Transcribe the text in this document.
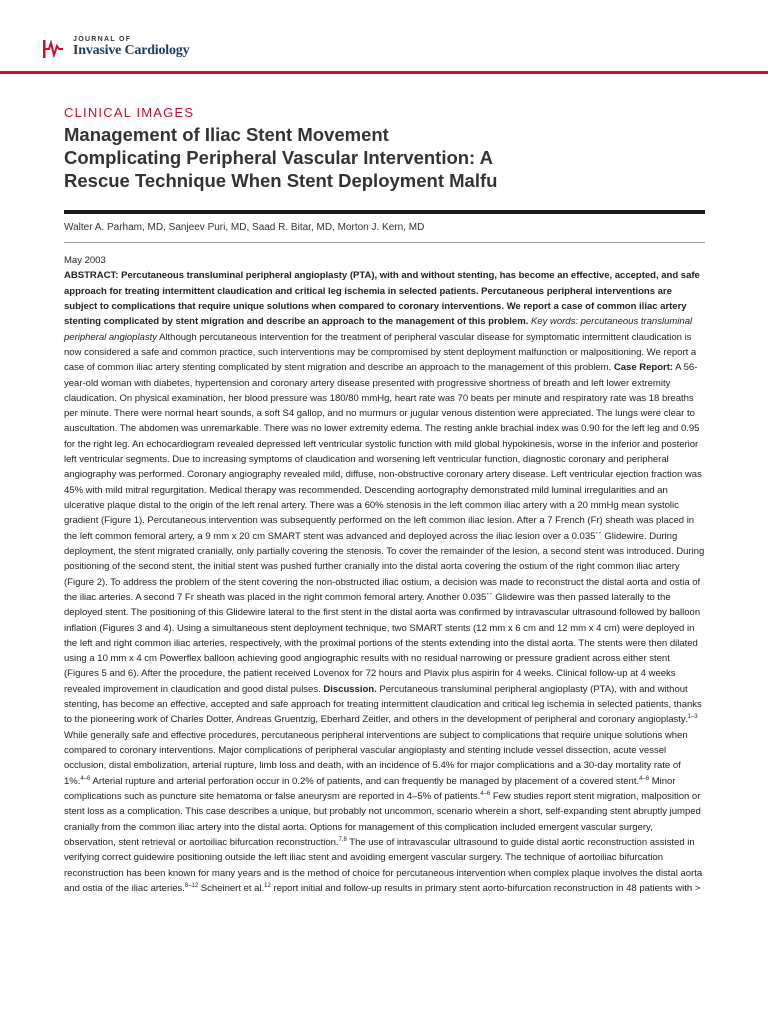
JOURNAL OF
Invasive Cardiology
CLINICAL IMAGES
Management of Iliac Stent Movement
Complicating Peripheral Vascular Intervention: A
Rescue Technique When Stent Deployment Malfu
Walter A. Parham, MD, Sanjeev Puri, MD, Saad R. Bitar, MD, Morton J. Kern, MD

May 2003

ABSTRACT: Percutaneous transluminal peripheral angioplasty (PTA), with and without stenting, has become an effective, accepted, and safe approach for treating intermittent claudication and critical leg ischemia in selected patients. Percutaneous peripheral interventions are subject to complications that require unique solutions when compared to coronary interventions. We report a case of common iliac artery stenting complicated by stent migration and describe an approach to the management of this problem. Key words: percutaneous transluminal peripheral angioplasty Although percutaneous intervention for the treatment of peripheral vascular disease for symptomatic intermittent claudication is now considered a safe and common practice, such interventions may be compromised by stent deployment malfunction or malpositioning. We report a case of common iliac artery stenting complicated by stent migration and describe an approach to the management of this problem. Case Report: A 56-year-old woman with diabetes, hypertension and coronary artery disease presented with progressive shortness of breath and left lower extremity claudication. On physical examination, her blood pressure was 180/80 mmHg, heart rate was 70 beats per minute and respiratory rate was 18 breaths per minute. There were normal heart sounds, a soft S4 gallop, and no murmurs or jugular venous distention were appreciated. The lungs were clear to auscultation. The abdomen was unremarkable. There was no lower extremity edema. The resting ankle brachial index was 0.90 for the left leg and 0.95 for the right leg. An echocardiogram revealed depressed left ventricular systolic function with mild global hypokinesis, worse in the inferior and posterior left ventricular segments. Due to increasing symptoms of claudication and worsening left ventricular function, diagnostic coronary and peripheral angiography was performed. Coronary angiography revealed mild, diffuse, non-obstructive coronary artery disease. Left ventricular ejection fraction was 45% with mild mitral regurgitation. Medical therapy was recommended. Descending aortography demonstrated mild luminal irregularities and an ulcerative plaque distal to the origin of the left renal artery. There was a 60% stenosis in the left common iliac artery with a 20 mmHg mean systolic gradient (Figure 1). Percutaneous intervention was subsequently performed on the left common iliac lesion. After a 7 French (Fr) sheath was placed in the left common femoral artery, a 9 mm x 20 cm SMART stent was advanced and deployed across the iliac lesion over a 0.035´´ Glidewire. During deployment, the stent migrated cranially, only partially covering the stenosis. To cover the remainder of the lesion, a second stent was introduced. During positioning of the second stent, the initial stent was pushed further cranially into the distal aorta covering the ostium of the right common iliac artery (Figure 2). To address the problem of the stent covering the non-obstructed iliac ostium, a decision was made to reconstruct the distal aorta and ostia of the iliac arteries. A second 7 Fr sheath was placed in the right common femoral artery. Another 0.035´´ Glidewire was then passed laterally to the deployed stent. The positioning of this Glidewire lateral to the first stent in the distal aorta was confirmed by intravascular ultrasound followed by balloon inflation (Figures 3 and 4). Using a simultaneous stent deployment technique, two SMART stents (12 mm x 6 cm and 12 mm x 4 cm) were deployed in the left and right common iliac arteries, respectively, with the proximal portions of the stents extending into the distal aorta. The stents were then dilated using a 10 mm x 4 cm Powerflex balloon achieving good angiographic results with no residual narrowing or pressure gradient across either stent (Figures 5 and 6). After the procedure, the patient received Lovenox for 72 hours and Plavix plus aspirin for 4 weeks. Clinical follow-up at 4 weeks revealed improvement in claudication and good distal pulses. Discussion. Percutaneous transluminal peripheral angioplasty (PTA), with and without stenting, has become an effective, accepted and safe approach for treating intermittent claudication and critical leg ischemia in selected patients, thanks to the pioneering work of Charles Dotter, Andreas Gruentzig, Eberhard Zeitler, and others in the development of peripheral and coronary angioplasty.$^{1-3}$ While generally safe and effective procedures, percutaneous peripheral interventions are subject to complications that require unique solutions when compared to coronary interventions. Major complications of peripheral vascular angioplasty and stenting include vessel dissection, acute vessel occlusion, distal embolization, arterial rupture, limb loss and death, with an incidence of 5.4% for major complications and a 30-day mortality rate of 1%.$^{4-6}$ Arterial rupture and arterial perforation occur in 0.2% of patients, and can frequently be managed by placement of a covered stent.$^{4-6}$ Minor complications such as puncture site hematoma or false aneurysm are reported in 4–5% of patients.$^{4-6}$ Few studies report stent migration, malposition or stent loss as a complication. This case describes a unique, but probably not uncommon, scenario wherein a short, self-expanding stent abruptly jumped cranially from the common iliac artery into the distal aorta. Options for management of this complication included emergent vascular surgery, observation, stent retrieval or aortoiliac bifurcation reconstruction.$^{7,8}$ The use of intravascular ultrasound to guide distal aortic reconstruction assisted in verifying correct guidewire positioning outside the left iliac stent and avoiding emergent vascular surgery. The technique of aortoiliac bifurcation reconstruction has been known for many years and is the method of choice for percutaneous intervention when complex plaque involves the distal aorta and ostia of the iliac arteries.$^{8-12}$ Scheinert et al.$^{12}$ report initial and follow-up results in primary stent aorto-bifurcation reconstruction in 48 patients with >
